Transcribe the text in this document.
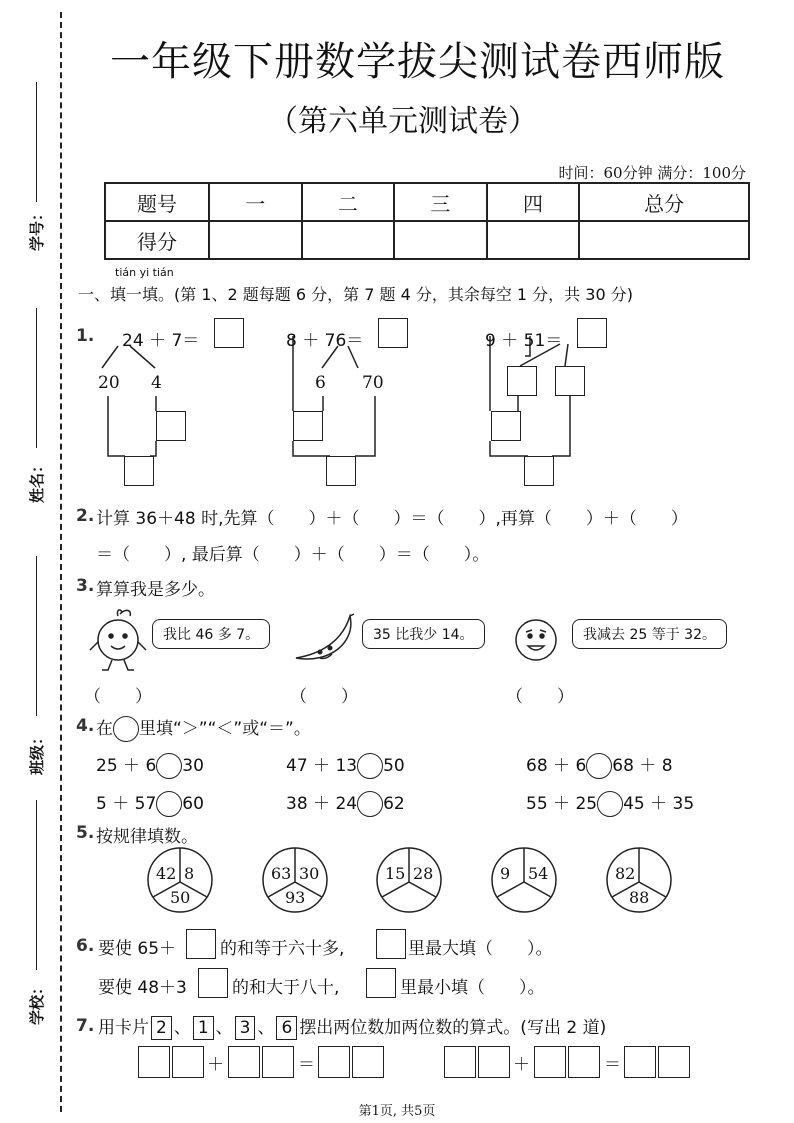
学号：
姓名：
班级：
学校：
一年级下册数学拔尖测试卷西师版
（第六单元测试卷）
时间：60分钟 满分：100分
题号	一	二	三	四	总分
得分					
tián yi tián
一、填一填。(第 1、2 题每题 6 分，第 7 题 4 分，其余每空 1 分，共 30 分)
1. 24 ＋ 7＝
20 4
8 ＋ 76＝
6 70
9 ＋ 51＝
2. 计算 36＋48 时,先算（　　）＋（　　）＝（　　）,再算（　　）＋（　　）
＝（　　）, 最后算（　　）＋（　　）＝（　　）。
3. 算算我是多少。
我比 46 多 7。	35 比我少 14。	我减去 25 等于 32。
（　　）	（　　）	（　　）
4. 在 里填“＞”“＜”或“＝”。
25 ＋ 6 30	47 ＋ 13 50	68 ＋ 6 68 ＋ 8
5 ＋ 57 60	38 ＋ 24 62	55 ＋ 25 45 ＋ 35
5. 按规律填数。
42 8
50
63 30
93
15 28	9 54	82
88
6. 要使 65＋	的和等于六十多,	里最大填（　　）。
要使 48＋3	的和大于八十,	里最小填（　　）。
7. 用卡片 2 、 1 、 3 、 6 摆出两位数加两位数的算式。(写出 2 道)
＋	＝	＋	＝
第1页, 共5页
